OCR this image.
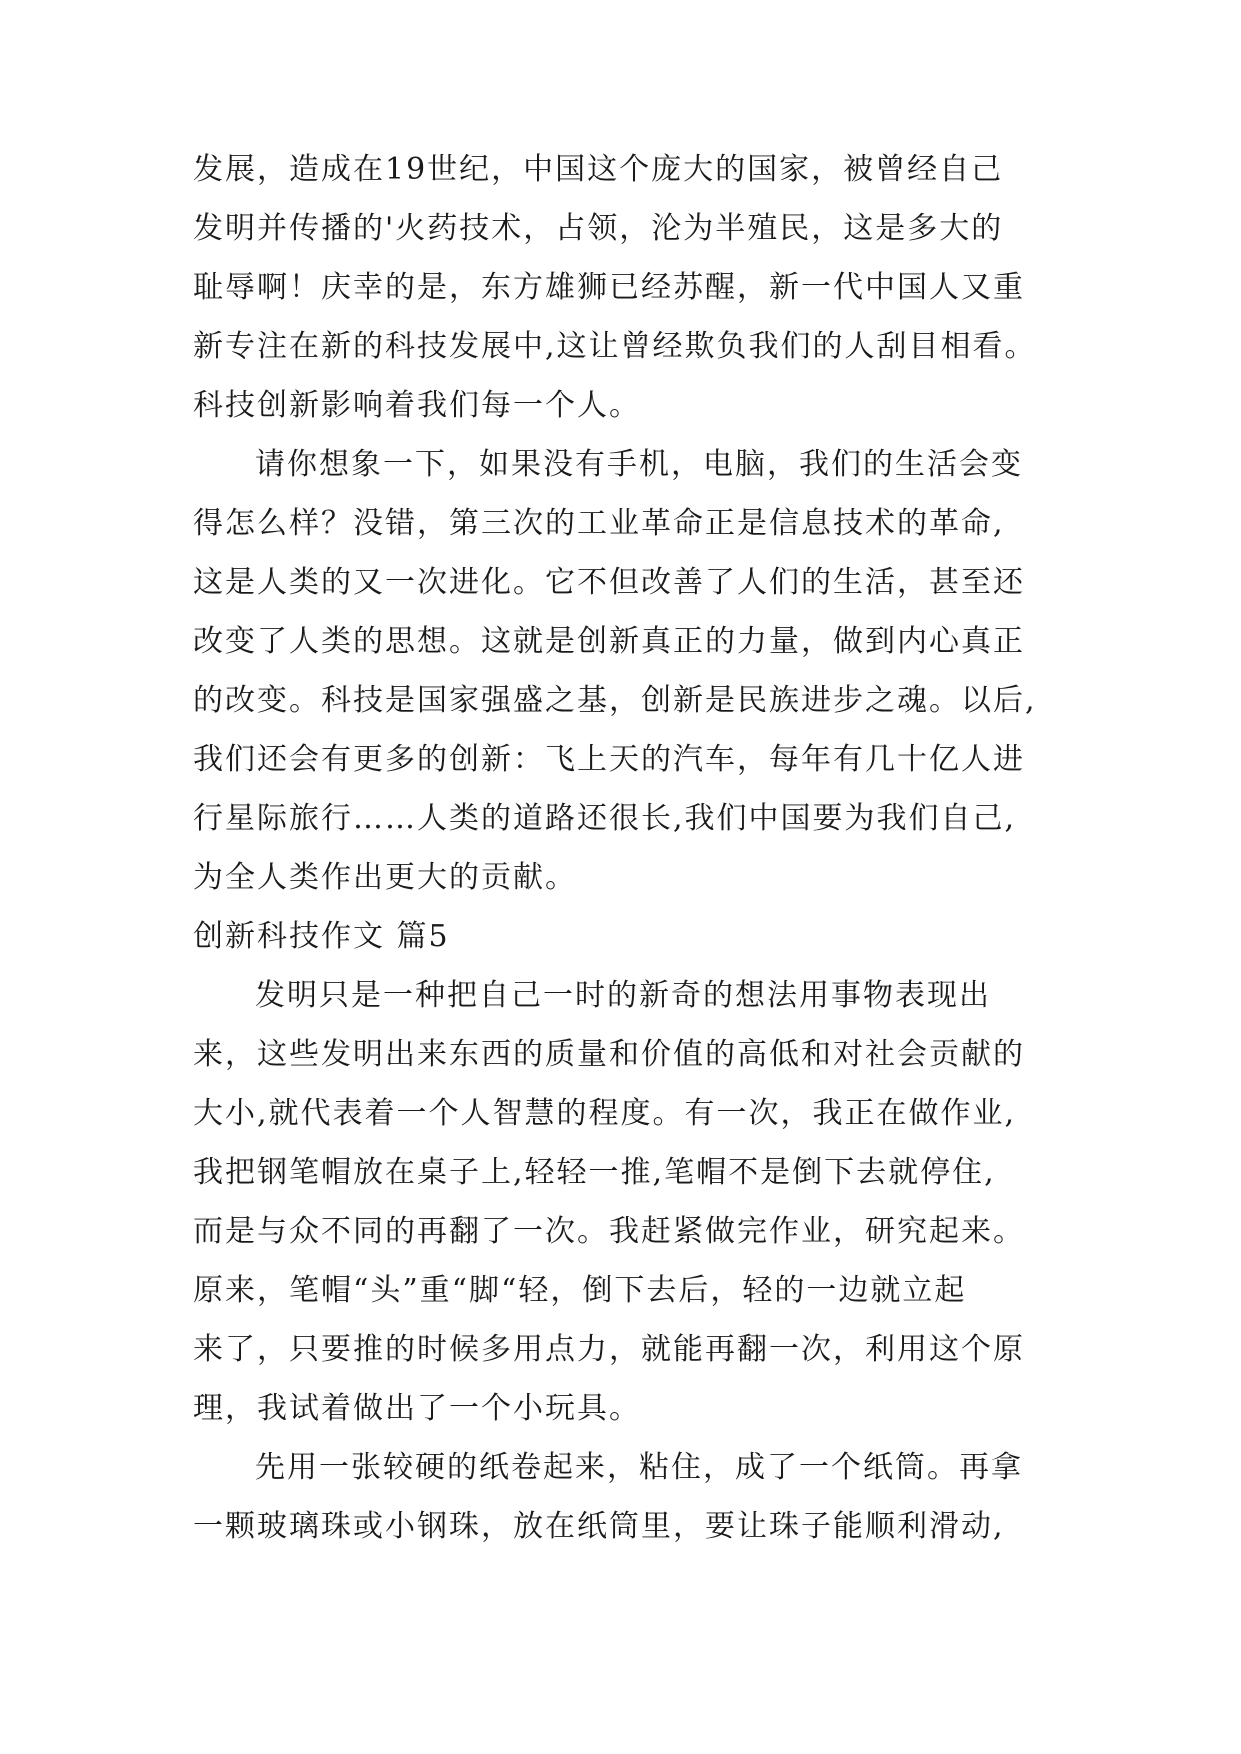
发展，造成在19世纪，中国这个庞大的国家，被曾经自己
发明并传播的'火药技术，占领，沦为半殖民，这是多大的
耻辱啊！庆幸的是，东方雄狮已经苏醒，新一代中国人又重
新专注在新的科技发展中,这让曾经欺负我们的人刮目相看。
科技创新影响着我们每一个人。
请你想象一下，如果没有手机，电脑，我们的生活会变
得怎么样？没错，第三次的工业革命正是信息技术的革命,
这是人类的又一次进化。它不但改善了人们的生活，甚至还
改变了人类的思想。这就是创新真正的力量，做到内心真正
的改变。科技是国家强盛之基，创新是民族进步之魂。以后,
我们还会有更多的创新：飞上天的汽车，每年有几十亿人进
行星际旅行……人类的道路还很长,我们中国要为我们自己,
为全人类作出更大的贡献。
创新科技作文 篇5
发明只是一种把自己一时的新奇的想法用事物表现出
来，这些发明出来东西的质量和价值的高低和对社会贡献的
大小,就代表着一个人智慧的程度。有一次，我正在做作业,
我把钢笔帽放在桌子上,轻轻一推,笔帽不是倒下去就停住,
而是与众不同的再翻了一次。我赶紧做完作业，研究起来。
原来，笔帽“头”重“脚“轻，倒下去后，轻的一边就立起
来了，只要推的时候多用点力，就能再翻一次，利用这个原
理，我试着做出了一个小玩具。
先用一张较硬的纸卷起来，粘住，成了一个纸筒。再拿
一颗玻璃珠或小钢珠，放在纸筒里，要让珠子能顺利滑动,
